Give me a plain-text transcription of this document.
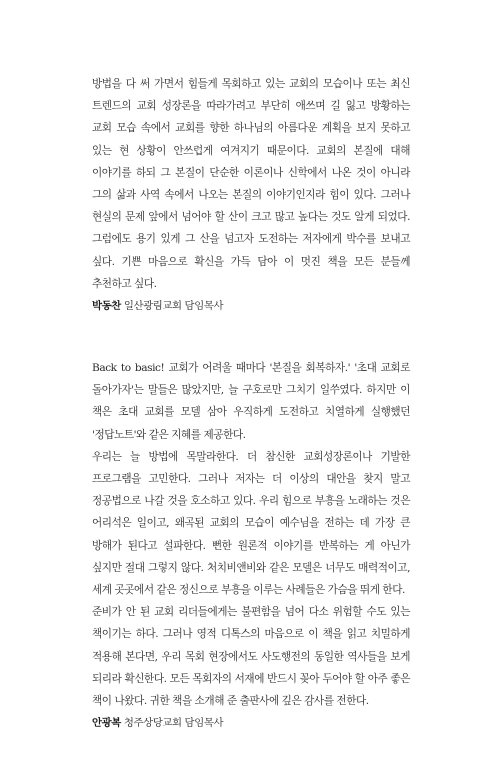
방법을 다 써 가면서 힘들게 목회하고 있는 교회의 모습이나 또는 최신 트렌드의 교회 성장론을 따라가려고 부단히 애쓰며 길 잃고 방황하는 교회 모습 속에서 교회를 향한 하나님의 아름다운 계획을 보지 못하고 있는 현 상황이 안쓰럽게 여겨지기 때문이다. 교회의 본질에 대해 이야기를 하되 그 본질이 단순한 이론이나 신학에서 나온 것이 아니라 그의 삶과 사역 속에서 나오는 본질의 이야기인지라 힘이 있다. 그러나 현실의 문제 앞에서 넘어야 할 산이 크고 많고 높다는 것도 알게 되었다. 그럼에도 용기 있게 그 산을 넘고자 도전하는 저자에게 박수를 보내고 싶다. 기쁜 마음으로 확신을 가득 담아 이 멋진 책을 모든 분들께 추천하고 싶다.

박동찬 일산광림교회 담임목사

Back to basic! 교회가 어려울 때마다 '본질을 회복하자.' '초대 교회로 돌아가자'는 말들은 많았지만, 늘 구호로만 그치기 일쑤였다. 하지만 이 책은 초대 교회를 모델 삼아 우직하게 도전하고 치열하게 실행했던 '정답노트'와 같은 지혜를 제공한다.

우리는 늘 방법에 목말라한다. 더 참신한 교회성장론이나 기발한 프로그램을 고민한다. 그러나 저자는 더 이상의 대안을 찾지 말고 정공법으로 나갈 것을 호소하고 있다. 우리 힘으로 부흥을 노래하는 것은 어리석은 일이고, 왜곡된 교회의 모습이 예수님을 전하는 데 가장 큰 방해가 된다고 설파한다. 뻔한 원론적 이야기를 반복하는 게 아닌가 싶지만 절대 그렇지 않다. 처치비앤비와 같은 모델은 너무도 매력적이고, 세계 곳곳에서 같은 정신으로 부흥을 이루는 사례들은 가슴을 뛰게 한다.

준비가 안 된 교회 리더들에게는 불편함을 넘어 다소 위험할 수도 있는 책이기는 하다. 그러나 영적 디톡스의 마음으로 이 책을 읽고 치밀하게 적용해 본다면, 우리 목회 현장에서도 사도행전의 동일한 역사들을 보게 되리라 확신한다. 모든 목회자의 서재에 반드시 꽂아 두어야 할 아주 좋은 책이 나왔다. 귀한 책을 소개해 준 출판사에 깊은 감사를 전한다.

안광복 청주상당교회 담임목사
